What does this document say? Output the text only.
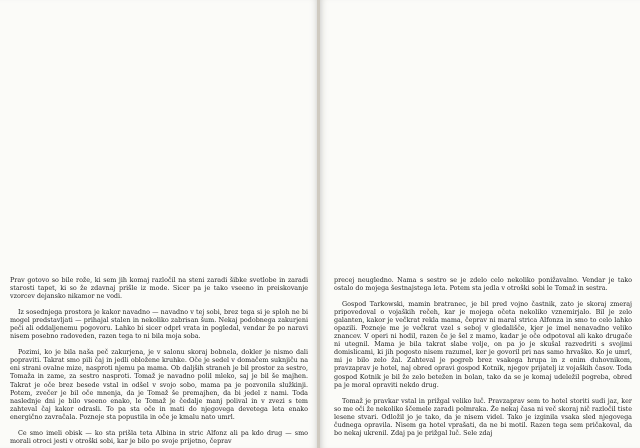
Prav gotovo so bile rože, ki sem jih komaj razločil na steni zaradi šibke svetlobe in zaradi starosti tapet, ki so že zdavnaj prišle iz mode. Sicer pa je tako vseeno in preiskovanje vzorcev dejansko nikamor ne vodi.

Iz sosednjega prostora je kakor navadno — navadno v tej sobi, brez tega si je sploh ne bi mogel predstavljati — prihajal stalen in nekoliko zabrisan šum. Nekaj podobnega zakurjeni peči ali oddaljenemu pogovoru. Lahko bi sicer odprl vrata in pogledal, vendar že po naravi nisem posebno radoveden, razen tega to ni bila moja soba.

Pozimi, ko je bila naša peč zakurjena, je v salonu skoraj bobnela, dokler je nismo dali popraviti. Takrat smo pili čaj in jedli obložene kruhke. Oče je sedel v domačem suknjiču na eni strani ovalne mize, nasproti njemu pa mama. Ob daljših straneh je bil prostor za sestro, Tomaža in zame, za sestro nasproti. Tomaž je navadno polil mleko, saj je bil še majhen. Takrat je oče brez besede vstal in odšel v svojo sobo, mama pa je pozvonila služkinji. Potem, zvečer je bil oče mnenja, da je Tomaž še premajhen, da bi jedel z nami. Toda naslednje dni je bilo vseeno enako, le Tomaž je čedalje manj polival in v zvezi s tem zahteval čaj kakor odrasli. To pa sta oče in mati do njegovega devetega leta enako energično zavračala. Pozneje sta popustila in oče je kmalu nato umrl.

Ce smo imeli obisk — ko sta prišla teta Albina in stric Alfonz ali pa kdo drug — smo morali otroci jesti v otroški sobi, kar je bilo po svoje prijetno, čeprav

precej neugledno. Nama s sestro se je zdelo celo nekoliko ponižavalno. Vendar je tako ostalo do mojega šestnajstega leta. Potem sta jedla v otroški sobi le Tomaž in sestra.

Gospod Tarkowski, mamin bratranec, je bil pred vojno častnik, zato je skoraj zmeraj pripovedoval o vojaških rečeh, kar je mojega očeta nekoliko vznemirjalo. Bil je zelo galanten, kakor je večkrat rekla mama, čeprav ni maral strica Alfonza in smo to celo lahko opazili. Pozneje me je večkrat vzel s seboj v gledališče, kjer je imel nenavadno veliko znancev. V operi ni hodil, razen če je šel z mamo, kadar je oče odpotoval ali kako drugače ni utegnil. Mama je bila takrat slabe volje, on pa jo je skušal razvedriti s svojimi domislicami, ki jih pogosto nisem razumel, ker je govoril pri nas samo hrvaško. Ko je umrl, mi je bilo zelo žal. Zahteval je pogreb brez vsakega hrupa in z enim duhovnikom, pravzaprav je hotel, naj obred opravi gospod Kotnik, njegov prijatelj iz vojaških časov. Toda gospod Kotnik je bil že zelo betežen in bolan, tako da se je komaj udeležil pogreba, obred pa je moral opraviti nekdo drug.

Tomaž je pravkar vstal in prižgal veliko luč. Pravzaprav sem to hotel storiti sudi jaz, ker so me oči že nekoliko ščemele zaradi polmraka. Že nekaj časa ni več skoraj nič razločil tiste lesene stvari. Odložil jo je tako, da je nisem videl. Tako je izginila vsaka sled njegovega čudnega opravila. Nisem ga hotel vprašati, da ne bi motil. Razen tega sem pričakoval, da bo nekaj ukrenil. Zdaj pa je prižgal luč. Sele zdaj
